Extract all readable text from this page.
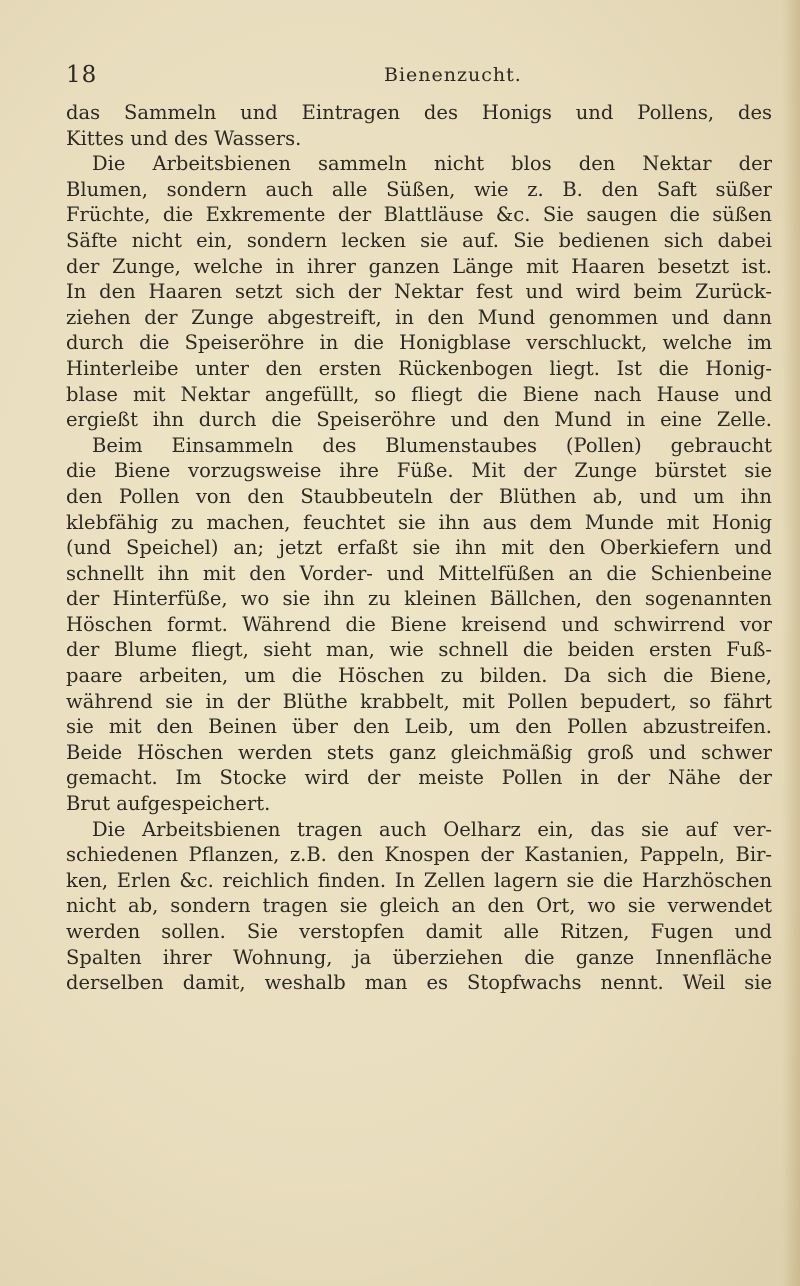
18	Bienenzucht.
das Sammeln und Eintragen des Honigs und Pollens, des
Kittes und des Wassers.
Die Arbeitsbienen sammeln nicht blos den Nektar der
Blumen, sondern auch alle Süßen, wie z. B. den Saft süßer
Früchte, die Exkremente der Blattläuse &c. Sie saugen die süßen
Säfte nicht ein, sondern lecken sie auf. Sie bedienen sich dabei
der Zunge, welche in ihrer ganzen Länge mit Haaren besetzt ist.
In den Haaren setzt sich der Nektar fest und wird beim Zurück-
ziehen der Zunge abgestreift, in den Mund genommen und dann
durch die Speiseröhre in die Honigblase verschluckt, welche im
Hinterleibe unter den ersten Rückenbogen liegt. Ist die Honig-
blase mit Nektar angefüllt, so fliegt die Biene nach Hause und
ergießt ihn durch die Speiseröhre und den Mund in eine Zelle.
Beim Einsammeln des Blumenstaubes (Pollen) gebraucht
die Biene vorzugsweise ihre Füße. Mit der Zunge bürstet sie
den Pollen von den Staubbeuteln der Blüthen ab, und um ihn
klebfähig zu machen, feuchtet sie ihn aus dem Munde mit Honig
(und Speichel) an; jetzt erfaßt sie ihn mit den Oberkiefern und
schnellt ihn mit den Vorder- und Mittelfüßen an die Schienbeine
der Hinterfüße, wo sie ihn zu kleinen Bällchen, den sogenannten
Höschen formt. Während die Biene kreisend und schwirrend vor
der Blume fliegt, sieht man, wie schnell die beiden ersten Fuß-
paare arbeiten, um die Höschen zu bilden. Da sich die Biene,
während sie in der Blüthe krabbelt, mit Pollen bepudert, so fährt
sie mit den Beinen über den Leib, um den Pollen abzustreifen.
Beide Höschen werden stets ganz gleichmäßig groß und schwer
gemacht. Im Stocke wird der meiste Pollen in der Nähe der
Brut aufgespeichert.
Die Arbeitsbienen tragen auch Oelharz ein, das sie auf ver-
schiedenen Pflanzen, z.B. den Knospen der Kastanien, Pappeln, Bir-
ken, Erlen &c. reichlich finden. In Zellen lagern sie die Harzhöschen
nicht ab, sondern tragen sie gleich an den Ort, wo sie verwendet
werden sollen. Sie verstopfen damit alle Ritzen, Fugen und
Spalten ihrer Wohnung, ja überziehen die ganze Innenfläche
derselben damit, weshalb man es Stopfwachs nennt. Weil sie
